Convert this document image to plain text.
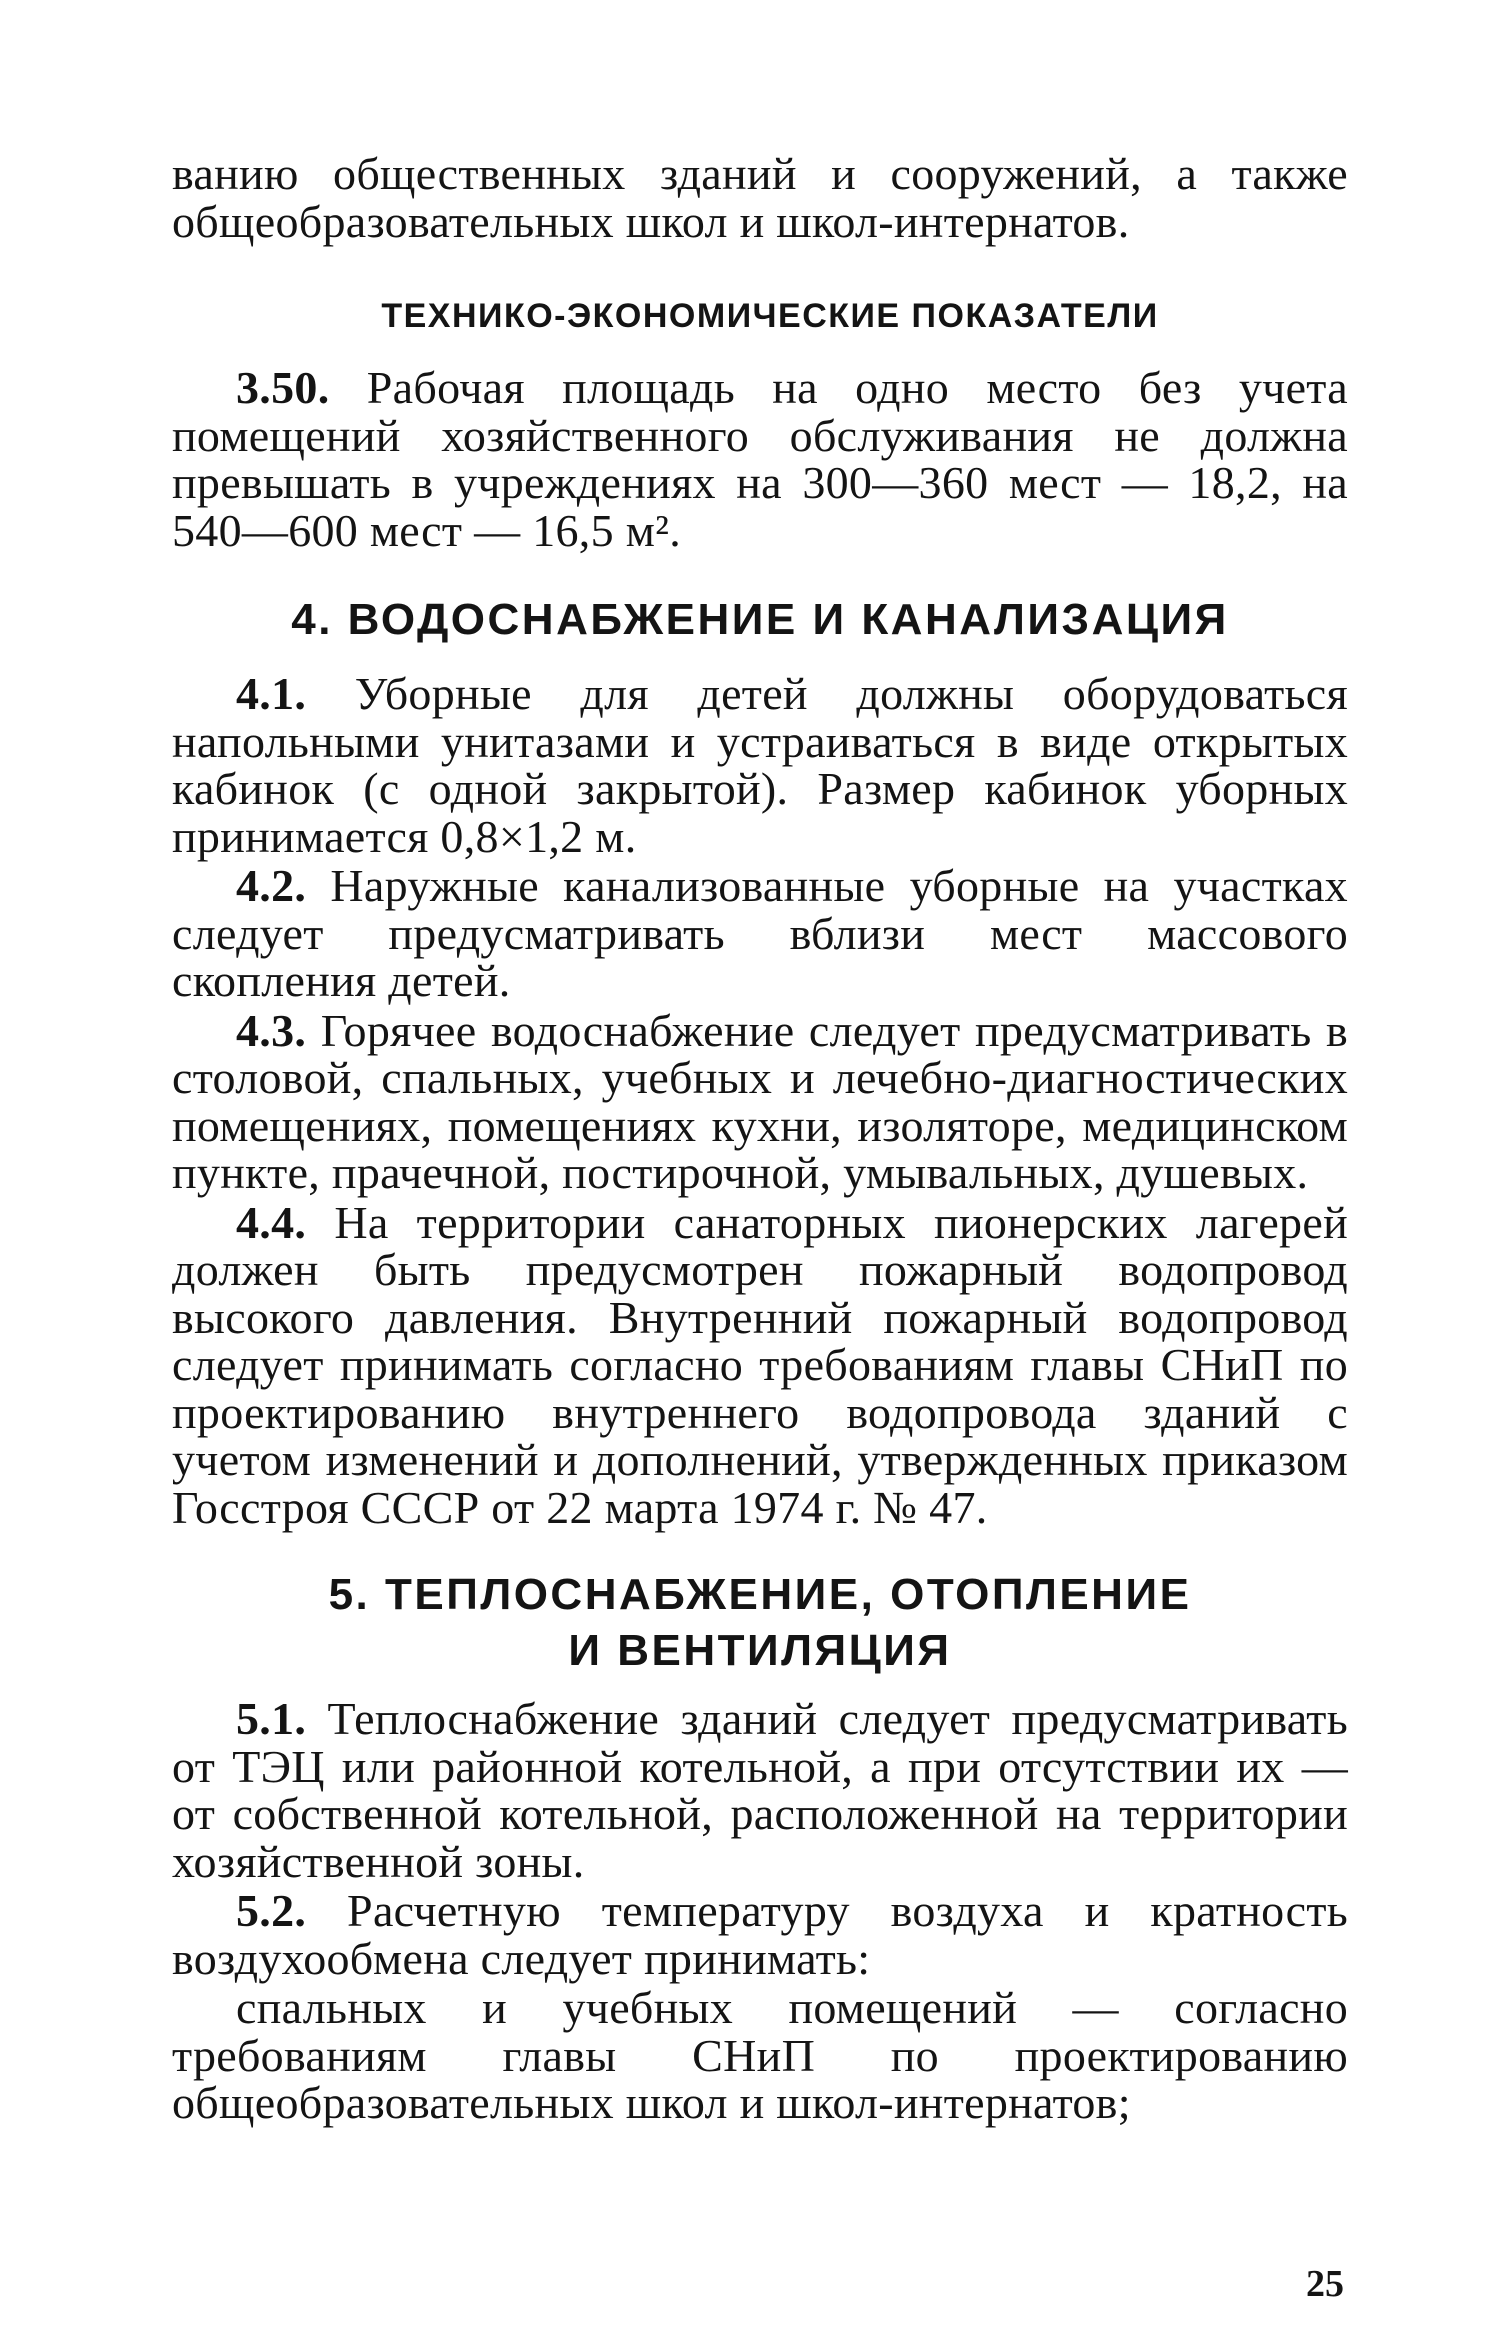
ванию общественных зданий и сооружений, а также общеобразовательных школ и школ-интернатов.

ТЕХНИКО-ЭКОНОМИЧЕСКИЕ ПОКАЗАТЕЛИ

3.50. Рабочая площадь на одно место без учета помещений хозяйственного обслуживания не должна превышать в учреждениях на 300—360 мест — 18,2, на 540—600 мест — 16,5 м².

4. ВОДОСНАБЖЕНИЕ И КАНАЛИЗАЦИЯ

4.1. Уборные для детей должны оборудоваться напольными унитазами и устраиваться в виде открытых кабинок (с одной закрытой). Размер кабинок уборных принимается 0,8×1,2 м.

4.2. Наружные канализованные уборные на участках следует предусматривать вблизи мест массового скопления детей.

4.3. Горячее водоснабжение следует предусматривать в столовой, спальных, учебных и лечебно-диагностических помещениях, помещениях кухни, изоляторе, медицинском пункте, прачечной, постирочной, умывальных, душевых.

4.4. На территории санаторных пионерских лагерей должен быть предусмотрен пожарный водопровод высокого давления. Внутренний пожарный водопровод следует принимать согласно требованиям главы СНиП по проектированию внутреннего водопровода зданий с учетом изменений и дополнений, утвержденных приказом Госстроя СССР от 22 марта 1974 г. № 47.

5. ТЕПЛОСНАБЖЕНИЕ, ОТОПЛЕНИЕ

И ВЕНТИЛЯЦИЯ

5.1. Теплоснабжение зданий следует предусматривать от ТЭЦ или районной котельной, а при отсутствии их — от собственной котельной, расположенной на территории хозяйственной зоны.

5.2. Расчетную температуру воздуха и кратность воздухообмена следует принимать:

спальных и учебных помещений — согласно требованиям главы СНиП по проектированию общеобразовательных школ и школ-интернатов;

25
